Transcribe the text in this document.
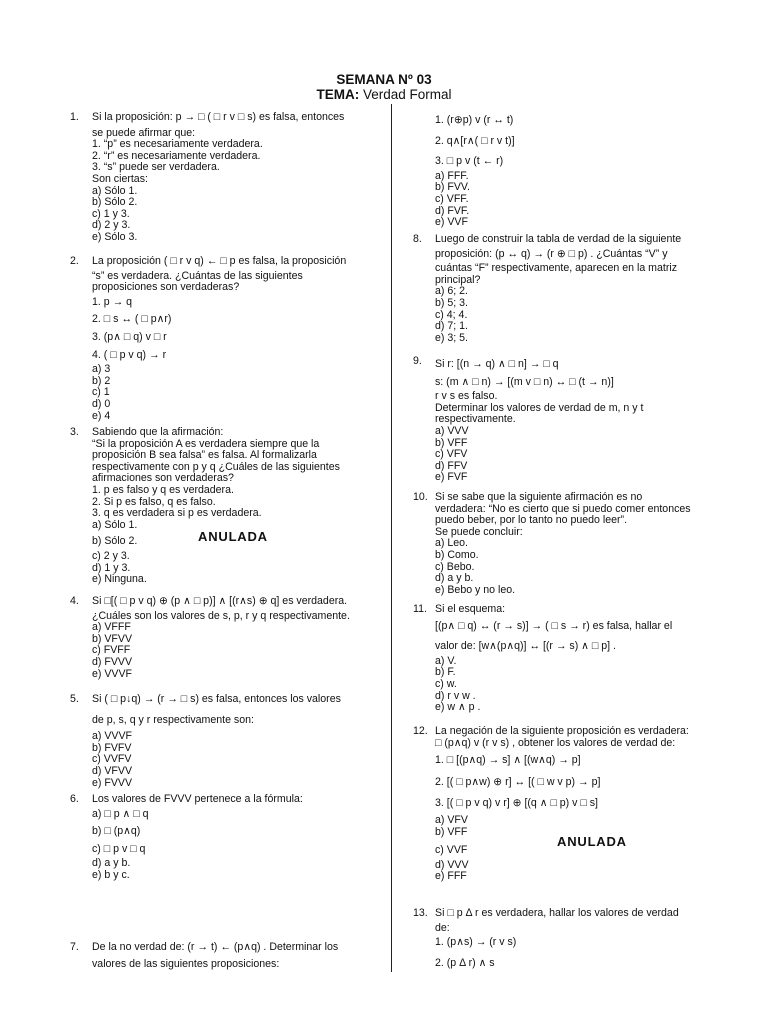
SEMANA Nº 03
TEMA: Verdad Formal
1. Si la proposición: p → □ ( □ r v □ s) es falsa, entonces
se puede afirmar que:
1. “p” es necesariamente verdadera.
2. “r” es necesariamente verdadera.
3. “s” puede ser verdadera.
Son ciertas:
a) Sólo 1.
b) Sólo 2.
c) 1 y 3.
d) 2 y 3.
e) Sólo 3.
2. La proposición ( □ r v q) ← □ p es falsa, la proposición
“s” es verdadera. ¿Cuántas de las siguientes
proposiciones son verdaderas?
1. p → q
2. □ s ↔ ( □ p∧r)
3. (p∧ □ q) v □ r
4. ( □ p v q) → r
a) 3
b) 2
c) 1
d) 0
e) 4
3. Sabiendo que la afirmación:
“Si la proposición A es verdadera siempre que la
proposición B sea falsa” es falsa. Al formalizarla
respectivamente con p y q ¿Cuáles de las siguientes
afirmaciones son verdaderas?
1. p es falso y q es verdadera.
2. Si p es falso, q es falso.
3. q es verdadera si p es verdadera.
a) Sólo 1.
b) Sólo 2.
c) 2 y 3.
d) 1 y 3.
e) Ninguna.
ANULADA
4. Si □[( □ p v q) ⊕ (p ∧ □ p)] ∧ [(r∧s) ⊕ q] es verdadera.
¿Cuáles son los valores de s, p, r y q respectivamente.
a) VFFF
b) VFVV
c) FVFF
d) FVVV
e) VVVF
5. Si ( □ p↓q) → (r → □ s) es falsa, entonces los valores
de p, s, q y r respectivamente son:
a) VVVF
b) FVFV
c) VVFV
d) VFVV
e) FVVV
6. Los valores de FVVV pertenece a la fórmula:
a) □ p ∧ □ q
b) □ (p∧q)
c) □ p v □ q
d) a y b.
e) b y c.
7. De la no verdad de: (r → t) ← (p∧q) . Determinar los
valores de las siguientes proposiciones:
1. (r⊕p) v (r ↔ t)
2. q∧[r∧( □ r v t)]
3. □ p v (t ← r)
a) FFF.
b) FVV.
c) VFF.
d) FVF.
e) VVF
8. Luego de construir la tabla de verdad de la siguiente
proposición: (p ↔ q) → (r ⊕ □ p) . ¿Cuántas “V” y
cuántas “F” respectivamente, aparecen en la matriz
principal?
a) 6; 2.
b) 5; 3.
c) 4; 4.
d) 7; 1.
e) 3; 5.
9. Si r: [(n → q) ∧ □ n] → □ q
s: (m ∧ □ n) → [(m v □ n) ↔ □ (t → n)]
r v s es falso.
Determinar los valores de verdad de m, n y t
respectivamente.
a) VVV
b) VFF
c) VFV
d) FFV
e) FVF
10. Si se sabe que la siguiente afirmación es no
verdadera: “No es cierto que si puedo comer entonces
puedo beber, por lo tanto no puedo leer”.
Se puede concluir:
a) Leo.
b) Como.
c) Bebo.
d) a y b.
e) Bebo y no leo.
11. Si el esquema:
[(p∧ □ q) ↔ (r → s)] → ( □ s → r) es falsa, hallar el
valor de: [w∧(p∧q)] ↔ [(r → s) ∧ □ p] .
a) V.
b) F.
c) w.
d) r v w .
e) w ∧ p .
12. La negación de la siguiente proposición es verdadera:
□ (p∧q) v (r v s) , obtener los valores de verdad de:
1. □ [(p∧q) → s] ∧ [(w∧q) → p]
2. [( □ p∧w) ⊕ r] ↔ [( □ w v p) → p]
3. [( □ p v q) v r] ⊕ [(q ∧ □ p) v □ s]
a) VFV
b) VFF
c) VVF
d) VVV
e) FFF
ANULADA
13. Si □ p Δ r es verdadera, hallar los valores de verdad
de:
1. (p∧s) → (r v s)
2. (p Δ r) ∧ s
